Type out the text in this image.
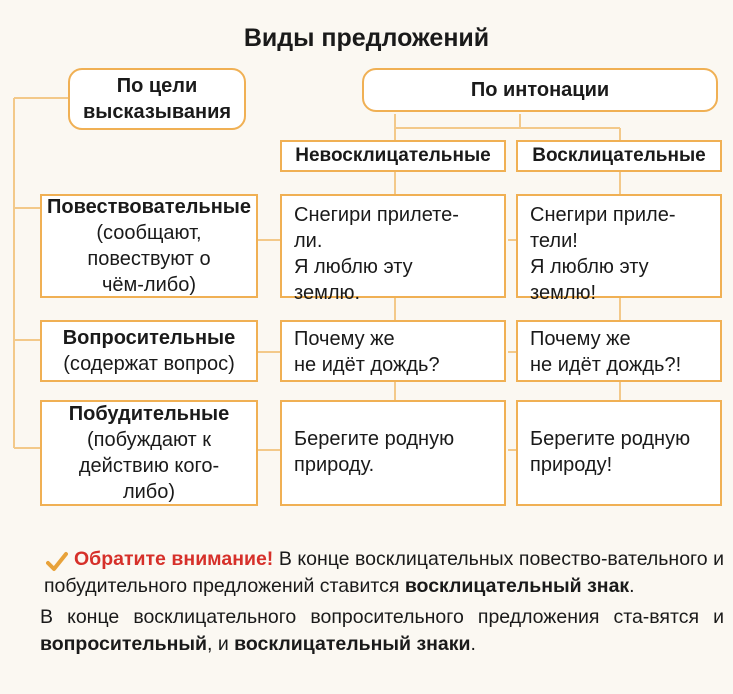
Виды предложений
По цели высказывания
По интонации
Невосклицательные Восклицательные
Повествовательные
(сообщают, повествуют о чём-либо)
Снегири прилете-
ли.
Я люблю эту
землю.
Снегири приле-
тели!
Я люблю эту
землю!
Вопросительные
(содержат вопрос)
Почему же
не идёт дождь?
Почему же
не идёт дождь?!
Побудительные
(побуждают к действию кого-либо)
Берегите родную
природу.
Берегите родную
природу!

Обратите внимание! В конце восклицательных повество-вательного и побудительного предложений ставится восклицательный знак.

В конце восклицательного вопросительного предложения ста-вятся и вопросительный, и восклицательный знаки.
